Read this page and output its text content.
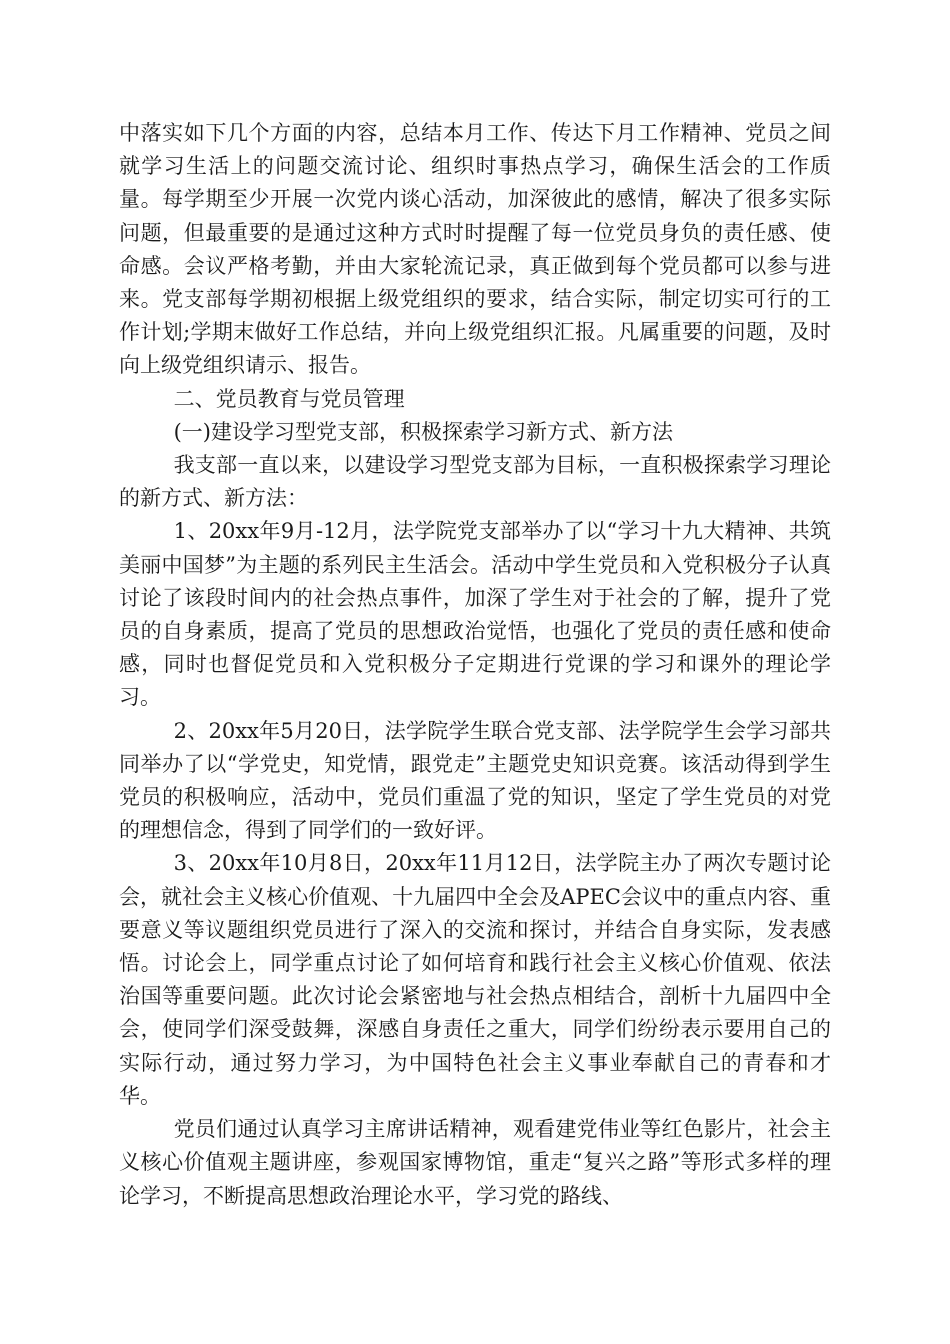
中落实如下几个方面的内容，总结本月工作、传达下月工作精神、党员之间就学习生活上的问题交流讨论、组织时事热点学习，确保生活会的工作质量。每学期至少开展一次党内谈心活动，加深彼此的感情，解决了很多实际问题，但最重要的是通过这种方式时时提醒了每一位党员身负的责任感、使命感。会议严格考勤，并由大家轮流记录，真正做到每个党员都可以参与进来。党支部每学期初根据上级党组织的要求，结合实际，制定切实可行的工作计划;学期末做好工作总结，并向上级党组织汇报。凡属重要的问题，及时向上级党组织请示、报告。

二、党员教育与党员管理

(一)建设学习型党支部，积极探索学习新方式、新方法

我支部一直以来，以建设学习型党支部为目标，一直积极探索学习理论的新方式、新方法：

1、20xx年9月-12月，法学院党支部举办了以“学习十九大精神、共筑美丽中国梦”为主题的系列民主生活会。活动中学生党员和入党积极分子认真讨论了该段时间内的社会热点事件，加深了学生对于社会的了解，提升了党员的自身素质，提高了党员的思想政治觉悟，也强化了党员的责任感和使命感，同时也督促党员和入党积极分子定期进行党课的学习和课外的理论学习。

2、20xx年5月20日，法学院学生联合党支部、法学院学生会学习部共同举办了以“学党史，知党情，跟党走”主题党史知识竞赛。该活动得到学生党员的积极响应，活动中，党员们重温了党的知识，坚定了学生党员的对党的理想信念，得到了同学们的一致好评。

3、20xx年10月8日，20xx年11月12日，法学院主办了两次专题讨论会，就社会主义核心价值观、十九届四中全会及APEC会议中的重点内容、重要意义等议题组织党员进行了深入的交流和探讨，并结合自身实际，发表感悟。讨论会上，同学重点讨论了如何培育和践行社会主义核心价值观、依法治国等重要问题。此次讨论会紧密地与社会热点相结合，剖析十九届四中全会，使同学们深受鼓舞，深感自身责任之重大，同学们纷纷表示要用自己的实际行动，通过努力学习，为中国特色社会主义事业奉献自己的青春和才华。

党员们通过认真学习主席讲话精神，观看建党伟业等红色影片，社会主义核心价值观主题讲座，参观国家博物馆，重走“复兴之路”等形式多样的理论学习，不断提高思想政治理论水平，学习党的路线、
